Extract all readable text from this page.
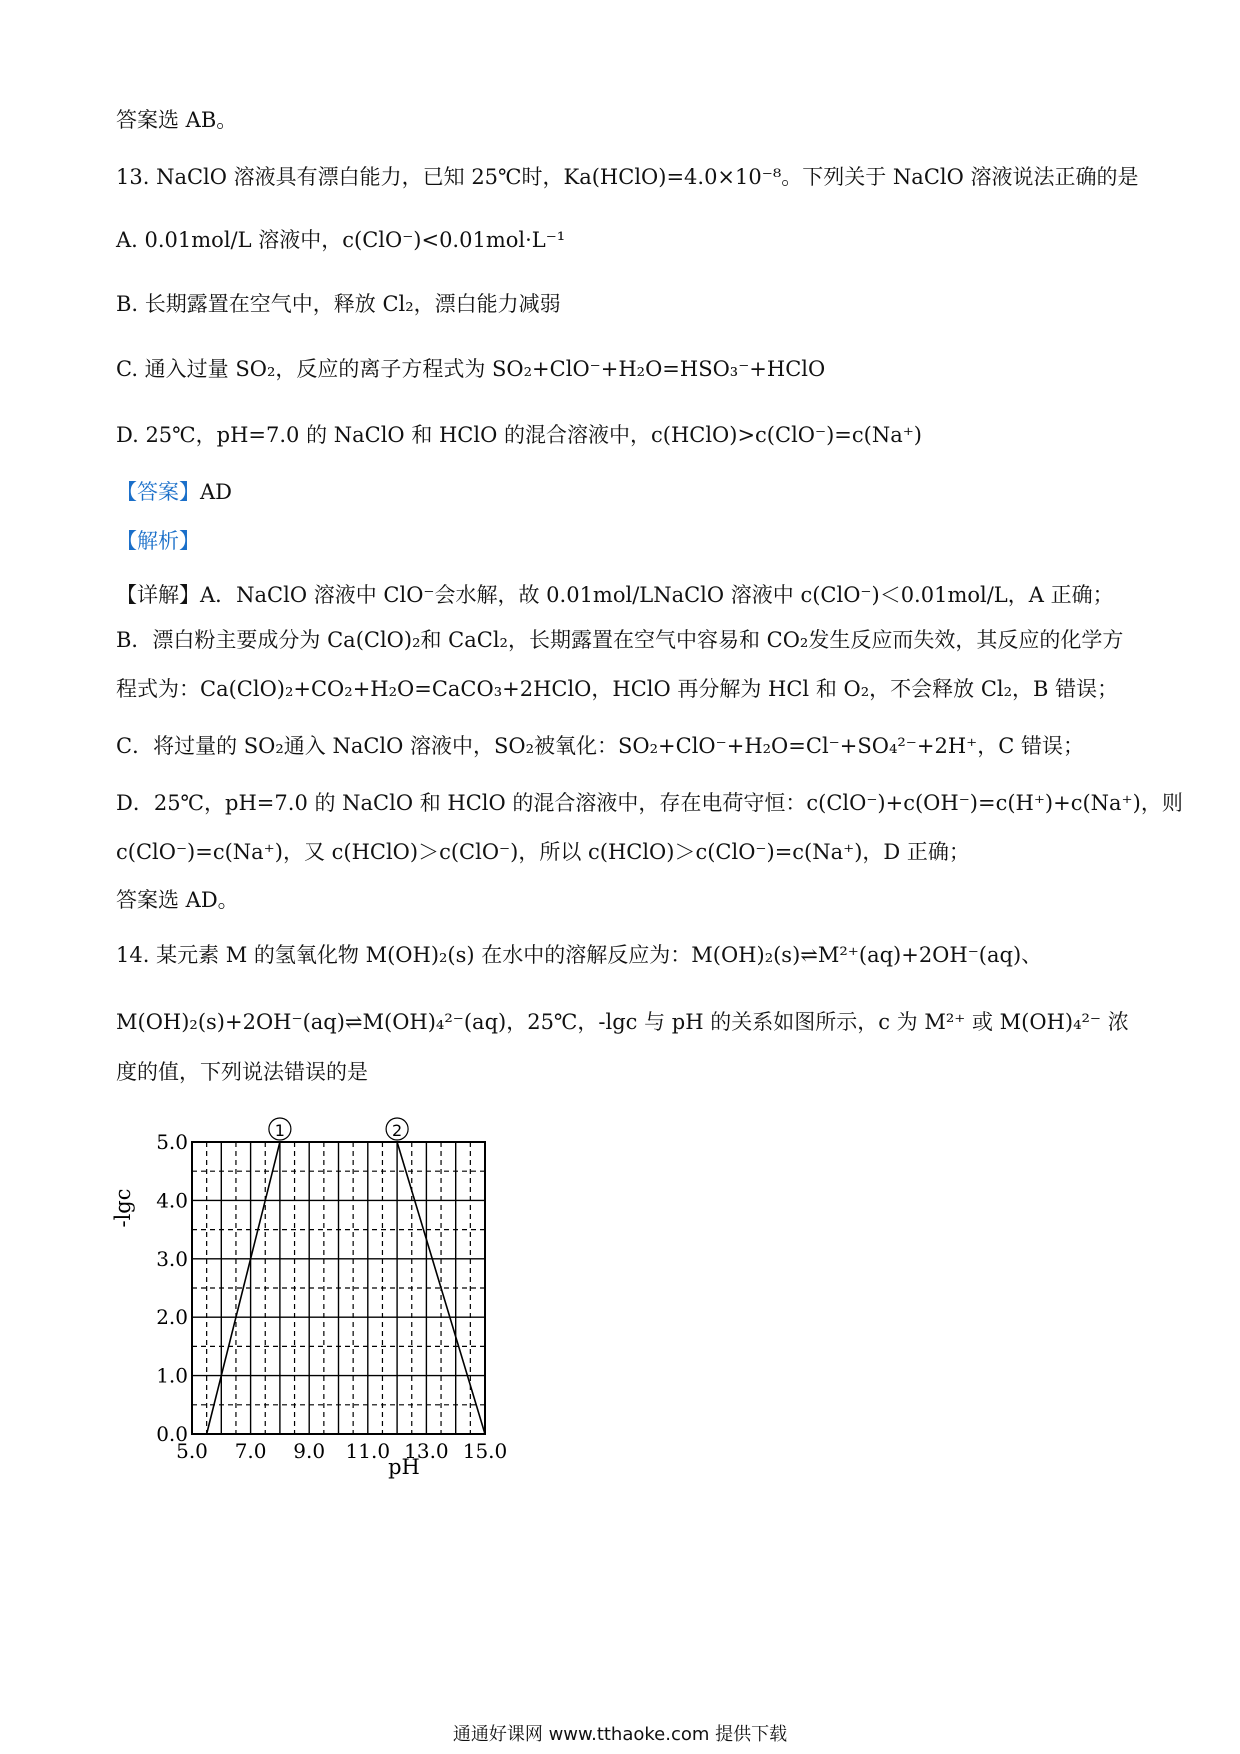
答案选 AB。
13. NaClO 溶液具有漂白能力，已知 25℃时，Ka(HClO)=4.0×10⁻⁸。下列关于 NaClO 溶液说法正确的是
A. 0.01mol/L 溶液中，c(ClO⁻)<0.01mol·L⁻¹
B. 长期露置在空气中，释放 Cl₂，漂白能力减弱
C. 通入过量 SO₂，反应的离子方程式为 SO₂+ClO⁻+H₂O=HSO₃⁻+HClO
D. 25℃，pH=7.0 的 NaClO 和 HClO 的混合溶液中，c(HClO)>c(ClO⁻)=c(Na⁺)
【答案】AD
【解析】
【详解】A．NaClO 溶液中 ClO⁻会水解，故 0.01mol/LNaClO 溶液中 c(ClO⁻)＜0.01mol/L，A 正确；
B．漂白粉主要成分为 Ca(ClO)₂和 CaCl₂，长期露置在空气中容易和 CO₂发生反应而失效，其反应的化学方
程式为：Ca(ClO)₂+CO₂+H₂O=CaCO₃+2HClO，HClO 再分解为 HCl 和 O₂，不会释放 Cl₂，B 错误；
C．将过量的 SO₂通入 NaClO 溶液中，SO₂被氧化：SO₂+ClO⁻+H₂O=Cl⁻+SO₄²⁻+2H⁺，C 错误；
D．25℃，pH=7.0 的 NaClO 和 HClO 的混合溶液中，存在电荷守恒：c(ClO⁻)+c(OH⁻)=c(H⁺)+c(Na⁺)，则
c(ClO⁻)=c(Na⁺)，又 c(HClO)＞c(ClO⁻)，所以 c(HClO)＞c(ClO⁻)=c(Na⁺)，D 正确；
答案选 AD。
14. 某元素 M 的氢氧化物 M(OH)₂(s) 在水中的溶解反应为：M(OH)₂(s)⇌M²⁺(aq)+2OH⁻(aq)、
M(OH)₂(s)+2OH⁻(aq)⇌M(OH)₄²⁻(aq)，25℃，-lgc 与 pH 的关系如图所示，c 为 M²⁺ 或 M(OH)₄²⁻ 浓
度的值，下列说法错误的是
1	2
5.0 7.0 9.0 11.0 13.0 15.0
0.0
1.0
2.0
3.0
4.0
5.0
-lgc
pH
通通好课网 www.tthaoke.com 提供下载
